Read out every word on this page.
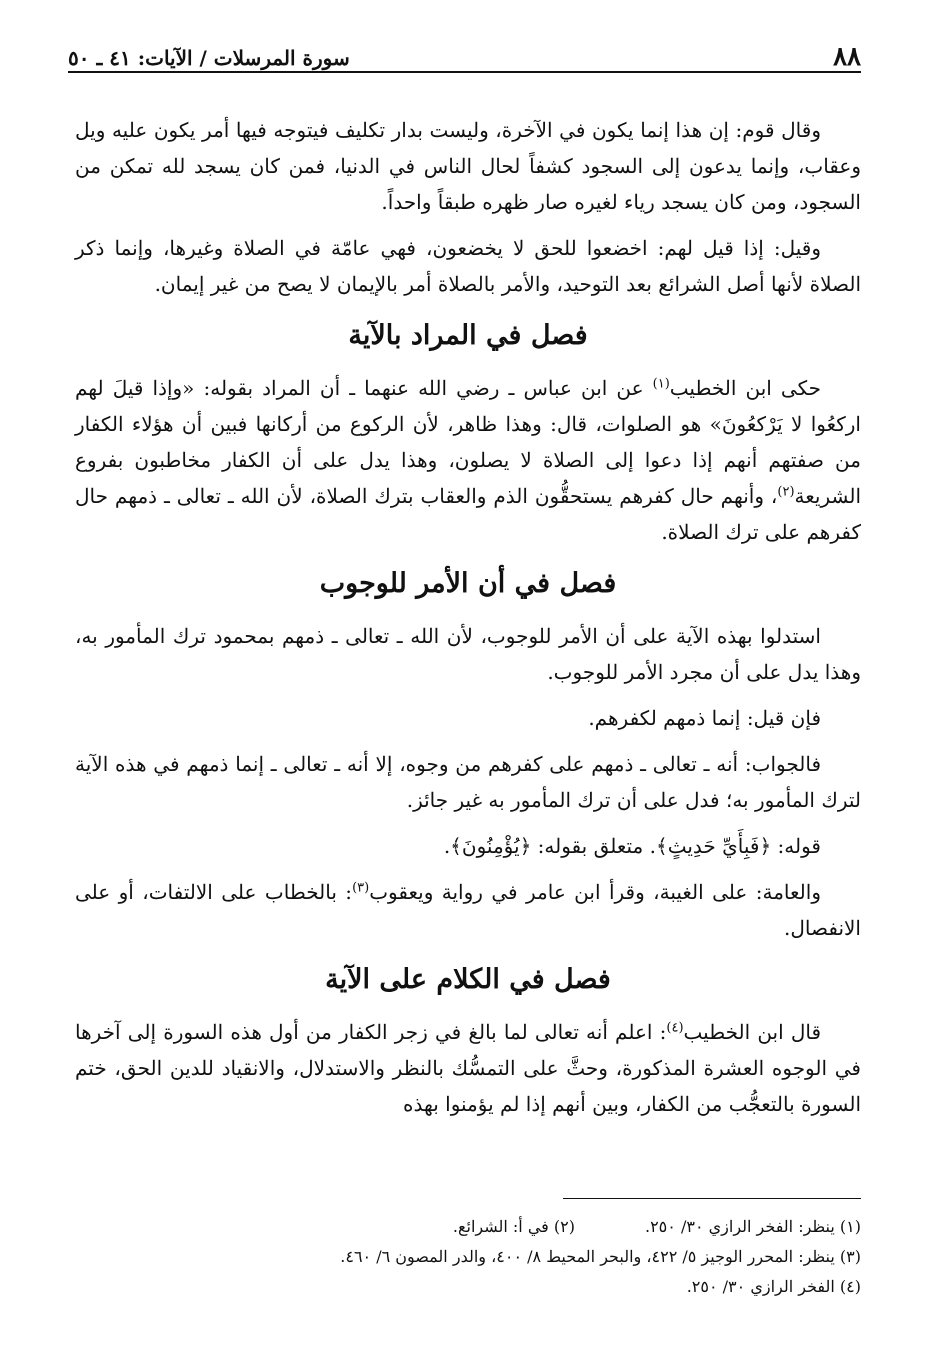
٨٨
سورة المرسلات / الآيات: ٤١ ـ ٥٠

وقال قوم: إن هذا إنما يكون في الآخرة، وليست بدار تكليف فيتوجه فيها أمر يكون عليه ويل وعقاب، وإنما يدعون إلى السجود كشفاً لحال الناس في الدنيا، فمن كان يسجد لله تمكن من السجود، ومن كان يسجد رياء لغيره صار ظهره طبقاً واحداً.

وقيل: إذا قيل لهم: اخضعوا للحق لا يخضعون، فهي عامّة في الصلاة وغيرها، وإنما ذكر الصلاة لأنها أصل الشرائع بعد التوحيد، والأمر بالصلاة أمر بالإيمان لا يصح من غير إيمان.

فصل في المراد بالآية

حكى ابن الخطيب$^{(١)}$ عن ابن عباس ـ رضي الله عنهما ـ أن المراد بقوله: «وإذا قيلَ لهم اركعُوا لا يَرْكعُونَ» هو الصلوات، قال: وهذا ظاهر، لأن الركوع من أركانها فبين أن هؤلاء الكفار من صفتهم أنهم إذا دعوا إلى الصلاة لا يصلون، وهذا يدل على أن الكفار مخاطبون بفروع الشريعة$^{(٢)}$، وأنهم حال كفرهم يستحقُّون الذم والعقاب بترك الصلاة، لأن الله ـ تعالى ـ ذمهم حال كفرهم على ترك الصلاة.

فصل في أن الأمر للوجوب

استدلوا بهذه الآية على أن الأمر للوجوب، لأن الله ـ تعالى ـ ذمهم بمحمود ترك المأمور به، وهذا يدل على أن مجرد الأمر للوجوب.

فإن قيل: إنما ذمهم لكفرهم.

فالجواب: أنه ـ تعالى ـ ذمهم على كفرهم من وجوه، إلا أنه ـ تعالى ـ إنما ذمهم في هذه الآية لترك المأمور به؛ فدل على أن ترك المأمور به غير جائز.

قوله: ﴿فَبِأَيِّ حَدِيثٍ﴾. متعلق بقوله: ﴿يُؤْمِنُونَ﴾.

والعامة: على الغيبة، وقرأ ابن عامر في رواية ويعقوب$^{(٣)}$: بالخطاب على الالتفات، أو على الانفصال.

فصل في الكلام على الآية

قال ابن الخطيب$^{(٤)}$: اعلم أنه تعالى لما بالغ في زجر الكفار من أول هذه السورة إلى آخرها في الوجوه العشرة المذكورة، وحثَّ على التمسُّك بالنظر والاستدلال، والانقياد للدين الحق، ختم السورة بالتعجُّب من الكفار، وبين أنهم إذا لم يؤمنوا بهذه

(١) ينظر: الفخر الرازي ٣٠/ ٢٥٠.
(٢) في أ: الشرائع.
(٣) ينظر: المحرر الوجيز ٥/ ٤٢٢، والبحر المحيط ٨/ ٤٠٠، والدر المصون ٦/ ٤٦٠.
(٤) الفخر الرازي ٣٠/ ٢٥٠.
